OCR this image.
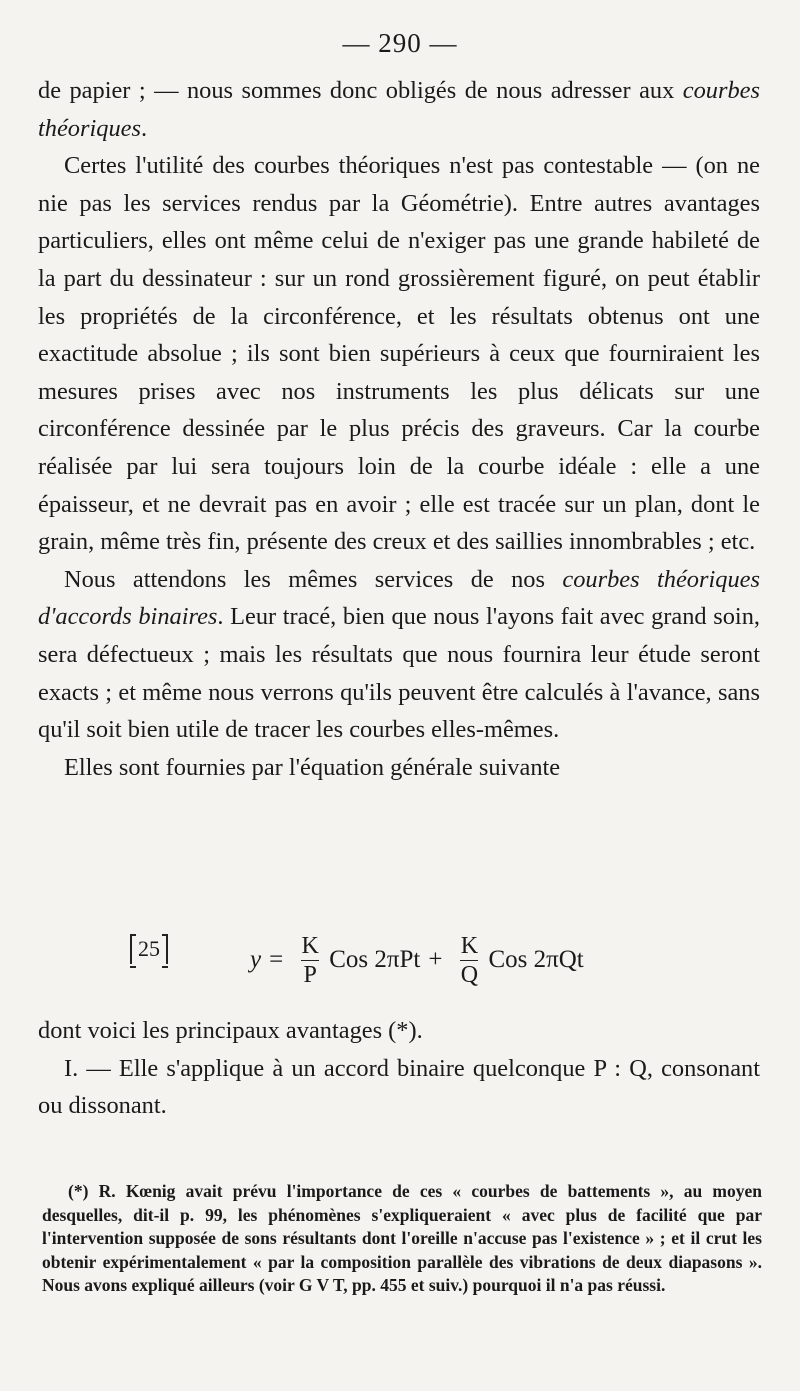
— 290 —

de papier ; — nous sommes donc obligés de nous adresser aux courbes théoriques.

Certes l'utilité des courbes théoriques n'est pas contestable — (on ne nie pas les services rendus par la Géométrie). Entre autres avantages particuliers, elles ont même celui de n'exiger pas une grande habileté de la part du dessinateur : sur un rond grossièrement figuré, on peut établir les propriétés de la circonférence, et les résultats obtenus ont une exactitude absolue ; ils sont bien supérieurs à ceux que fourniraient les mesures prises avec nos instruments les plus délicats sur une circonférence dessinée par le plus précis des graveurs. Car la courbe réalisée par lui sera toujours loin de la courbe idéale : elle a une épaisseur, et ne devrait pas en avoir ; elle est tracée sur un plan, dont le grain, même très fin, présente des creux et des saillies innombrables ; etc.

Nous attendons les mêmes services de nos courbes théoriques d'accords binaires. Leur tracé, bien que nous l'ayons fait avec grand soin, sera défectueux ; mais les résultats que nous fournira leur étude seront exacts ; et même nous verrons qu'ils peuvent être calculés à l'avance, sans qu'il soit bien utile de tracer les courbes elles-mêmes.

Elles sont fournies par l'équation générale suivante

25	$y = \frac{K}{P}$ Cos $2\pi Pt + \frac{K}{Q}$ Cos 2πQt

dont voici les principaux avantages (*).

I. — Elle s'applique à un accord binaire quelconque P : Q, consonant ou dissonant.

(*) R. Kœnig avait prévu l'importance de ces « courbes de battements », au moyen desquelles, dit-il p. 99, les phénomènes s'expliqueraient « avec plus de facilité que par l'intervention supposée de sons résultants dont l'oreille n'accuse pas l'existence » ; et il crut les obtenir expérimentalement « par la composition parallèle des vibrations de deux diapasons ». Nous avons expliqué ailleurs (voir G V T, pp. 455 et suiv.) pourquoi il n'a pas réussi.
